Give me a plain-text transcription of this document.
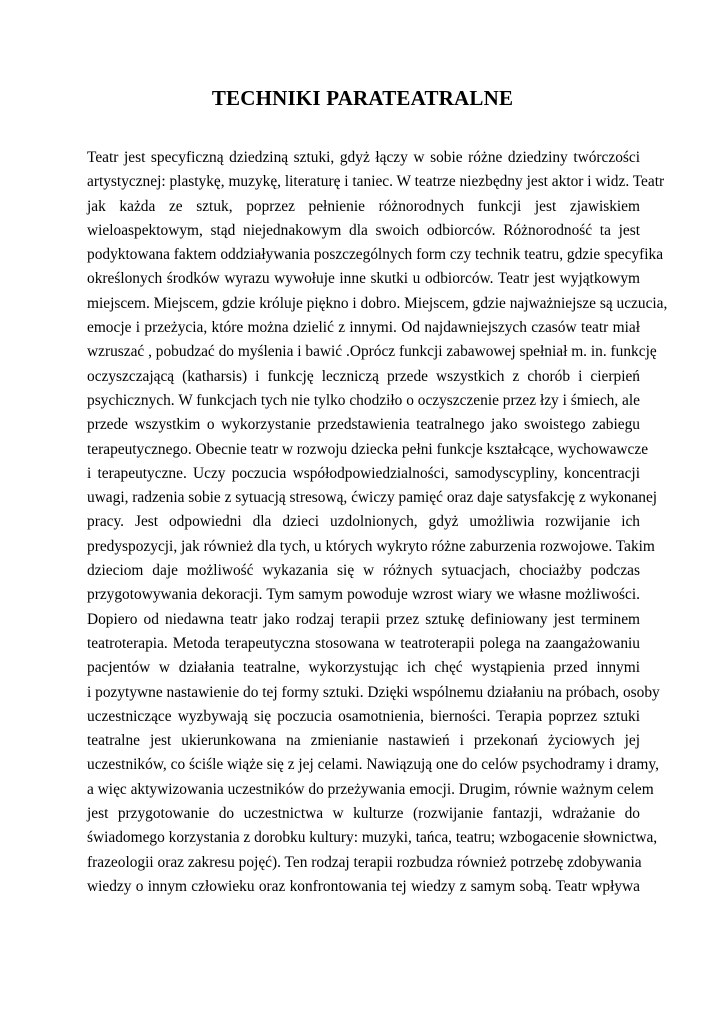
TECHNIKI PARATEATRALNE
Teatr jest specyficzną dziedziną sztuki, gdyż łączy w sobie różne dziedziny twórczości
artystycznej: plastykę, muzykę, literaturę i taniec. W teatrze niezbędny jest aktor i widz. Teatr
jak każda ze sztuk, poprzez pełnienie różnorodnych funkcji jest zjawiskiem
wieloaspektowym, stąd niejednakowym dla swoich odbiorców. Różnorodność ta jest
podyktowana faktem oddziaływania poszczególnych form czy technik teatru, gdzie specyfika
określonych środków wyrazu wywołuje inne skutki u odbiorców. Teatr jest wyjątkowym
miejscem. Miejscem, gdzie króluje piękno i dobro. Miejscem, gdzie najważniejsze są uczucia,
emocje i przeżycia, które można dzielić z innymi. Od najdawniejszych czasów teatr miał
wzruszać , pobudzać do myślenia i bawić .Oprócz funkcji zabawowej spełniał m. in. funkcję
oczyszczającą (katharsis) i funkcję leczniczą przede wszystkich z chorób i cierpień
psychicznych. W funkcjach tych nie tylko chodziło o oczyszczenie przez łzy i śmiech, ale
przede wszystkim o wykorzystanie przedstawienia teatralnego jako swoistego zabiegu
terapeutycznego. Obecnie teatr w rozwoju dziecka pełni funkcje kształcące, wychowawcze
i terapeutyczne. Uczy poczucia współodpowiedzialności, samodyscypliny, koncentracji
uwagi, radzenia sobie z sytuacją stresową, ćwiczy pamięć oraz daje satysfakcję z wykonanej
pracy. Jest odpowiedni dla dzieci uzdolnionych, gdyż umożliwia rozwijanie ich
predyspozycji, jak również dla tych, u których wykryto różne zaburzenia rozwojowe. Takim
dzieciom daje możliwość wykazania się w różnych sytuacjach, chociażby podczas
przygotowywania dekoracji. Tym samym powoduje wzrost wiary we własne możliwości.
Dopiero od niedawna teatr jako rodzaj terapii przez sztukę definiowany jest terminem
teatroterapia. Metoda terapeutyczna stosowana w teatroterapii polega na zaangażowaniu
pacjentów w działania teatralne, wykorzystując ich chęć wystąpienia przed innymi
i pozytywne nastawienie do tej formy sztuki. Dzięki wspólnemu działaniu na próbach, osoby
uczestniczące wyzbywają się poczucia osamotnienia, bierności. Terapia poprzez sztuki
teatralne jest ukierunkowana na zmienianie nastawień i przekonań życiowych jej
uczestników, co ściśle wiąże się z jej celami. Nawiązują one do celów psychodramy i dramy,
a więc aktywizowania uczestników do przeżywania emocji. Drugim, równie ważnym celem
jest przygotowanie do uczestnictwa w kulturze (rozwijanie fantazji, wdrażanie do
świadomego korzystania z dorobku kultury: muzyki, tańca, teatru; wzbogacenie słownictwa,
frazeologii oraz zakresu pojęć). Ten rodzaj terapii rozbudza również potrzebę zdobywania
wiedzy o innym człowieku oraz konfrontowania tej wiedzy z samym sobą. Teatr wpływa
